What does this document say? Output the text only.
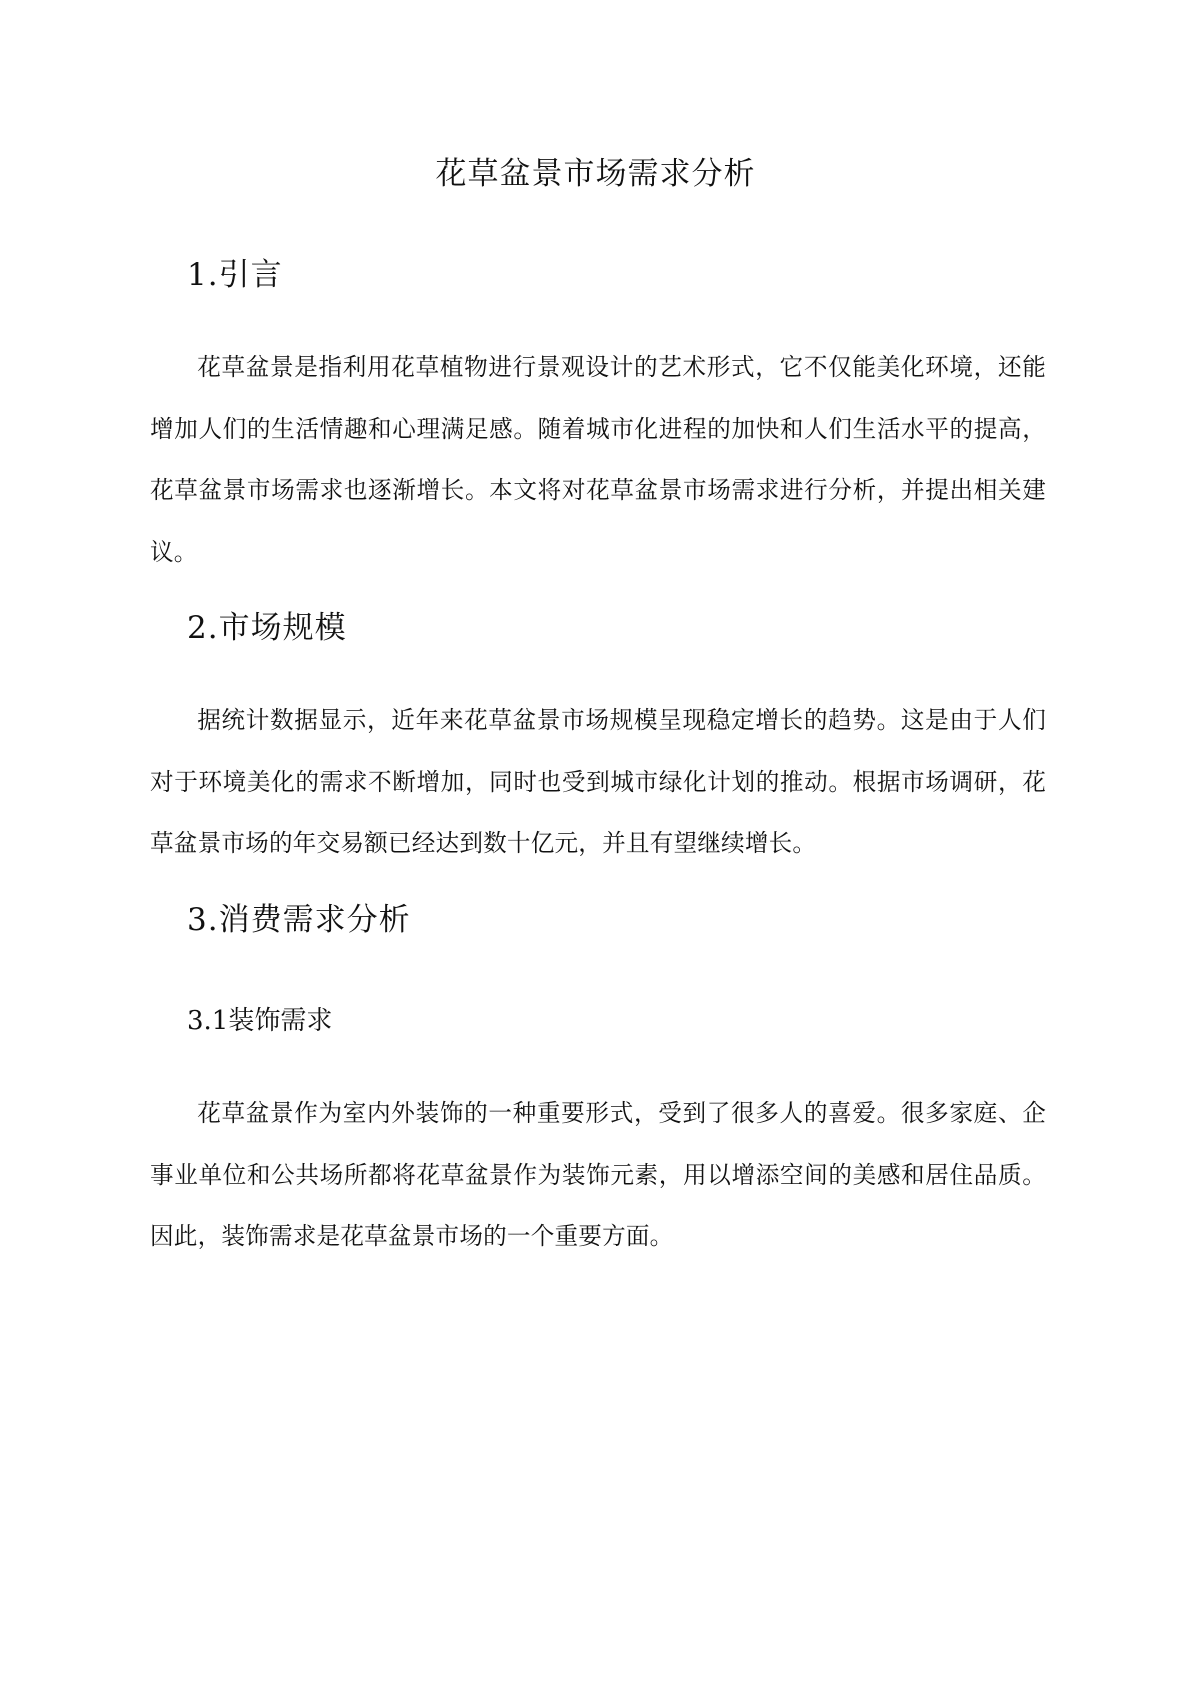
花草盆景市场需求分析
1.引言

花草盆景是指利用花草植物进行景观设计的艺术形式，它不仅能美化环境，还能增加人们的生活情趣和心理满足感。随着城市化进程的加快和人们生活水平的提高，花草盆景市场需求也逐渐增长。本文将对花草盆景市场需求进行分析，并提出相关建议。

2.市场规模

据统计数据显示，近年来花草盆景市场规模呈现稳定增长的趋势。这是由于人们对于环境美化的需求不断增加，同时也受到城市绿化计划的推动。根据市场调研，花草盆景市场的年交易额已经达到数十亿元，并且有望继续增长。

3.消费需求分析
3.1装饰需求

花草盆景作为室内外装饰的一种重要形式，受到了很多人的喜爱。很多家庭、企事业单位和公共场所都将花草盆景作为装饰元素，用以增添空间的美感和居住品质。因此，装饰需求是花草盆景市场的一个重要方面。
